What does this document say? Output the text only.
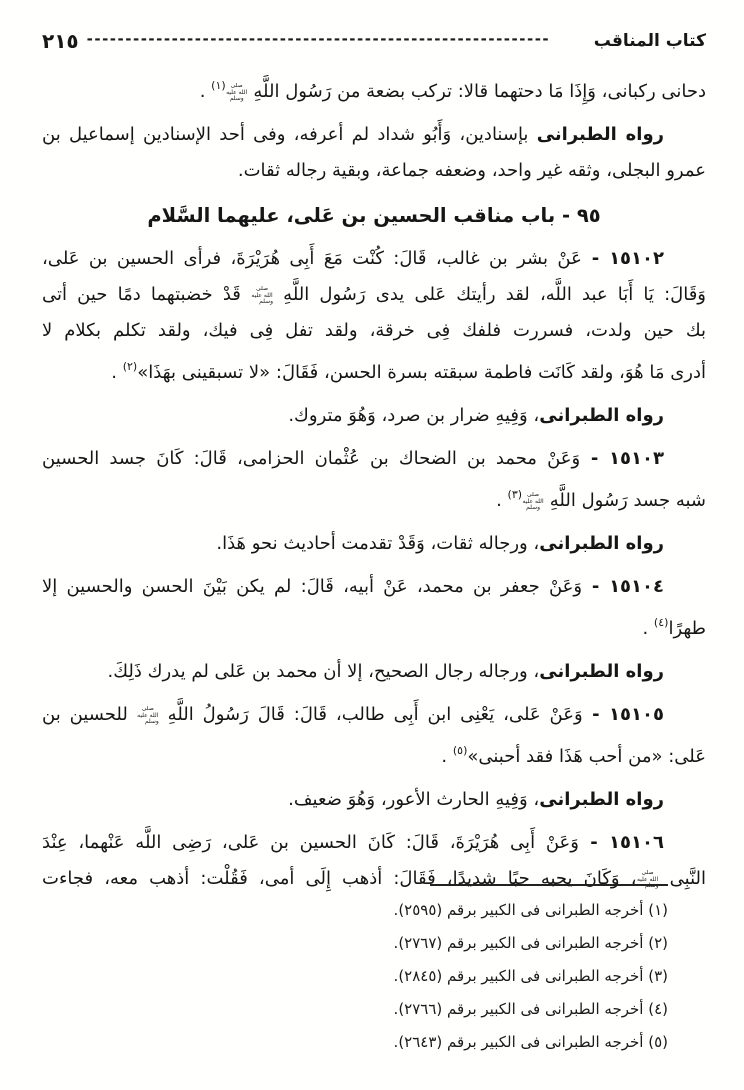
كتاب المناقب
------------------------------------------------------------
٢١٥
دحانى ركبانى، وَإِذَا مَا دحتهما قالا: تركب بضعة من رَسُول اللَّهِ صلى الله عليه وسلم$^{(١)}$ .
رواه الطبرانى بإسنادين، وَأَبُو شداد لم أعرفه، وفى أحد الإسنادين إسماعيل بن
عمرو البجلى، وثقه غير واحد، وضعفه جماعة، وبقية رجاله ثقات.
٩٥ - باب مناقب الحسين بن عَلى، عليهما السَّلام
١٥١٠٢ - عَنْ بشر بن غالب، قَالَ: كُنْت مَعَ أَبِى هُرَيْرَةَ، فرأى الحسين بن عَلى،
وَقَالَ: يَا أَبَا عبد اللَّه، لقد رأيتك عَلى يدى رَسُول اللَّهِ صلى الله عليه وسلم قَدْ خضبتهما دمًا حين أتى
بك حين ولدت، فسررت فلفك فِى خرقة، ولقد تفل فِى فيك، ولقد تكلم بكلام لا
أدرى مَا هُوَ، ولقد كَانَت فاطمة سبقته بسرة الحسن، فَقَالَ: «لا تسبقينى بهَذَا»$^{(٢)}$ .
رواه الطبرانى، وَفِيهِ ضرار بن صرد، وَهُوَ متروك.
١٥١٠٣ - وَعَنْ محمد بن الضحاك بن عُثْمان الحزامى، قَالَ: كَانَ جسد الحسين
شبه جسد رَسُول اللَّهِ صلى الله عليه وسلم$^{(٣)}$ .
رواه الطبرانى، ورجاله ثقات، وَقَدْ تقدمت أحاديث نحو هَذَا.
١٥١٠٤ - وَعَنْ جعفر بن محمد، عَنْ أبيه، قَالَ: لم يكن بَيْنَ الحسن والحسين إلا
طهرًا$^{(٤)}$ .
رواه الطبرانى، ورجاله رجال الصحيح، إلا أن محمد بن عَلى لم يدرك ذَلِكَ.
١٥١٠٥ - وَعَنْ عَلى، يَعْنِى ابن أَبِى طالب، قَالَ: قَالَ رَسُولُ اللَّهِ صلى الله عليه وسلم للحسين بن
عَلى: «من أحب هَذَا فقد أحبنى»$^{(٥)}$ .
رواه الطبرانى، وَفِيهِ الحارث الأعور، وَهُوَ ضعيف.
١٥١٠٦ - وَعَنْ أَبِى هُرَيْرَةَ، قَالَ: كَانَ الحسين بن عَلى، رَضِى اللَّه عَنْهما، عِنْدَ
النَّبِى صلى الله عليه وسلم، وَكَانَ يحبه حبًا شديدًا، فَقَالَ: أذهب إِلَى أمى، فَقُلْت: أذهب معه، فجاءت
(١) أخرجه الطبرانى فى الكبير برقم (٢٥٩٥).
(٢) أخرجه الطبرانى فى الكبير برقم (٢٧٦٧).
(٣) أخرجه الطبرانى فى الكبير برقم (٢٨٤٥).
(٤) أخرجه الطبرانى فى الكبير برقم (٢٧٦٦).
(٥) أخرجه الطبرانى فى الكبير برقم (٢٦٤٣).
